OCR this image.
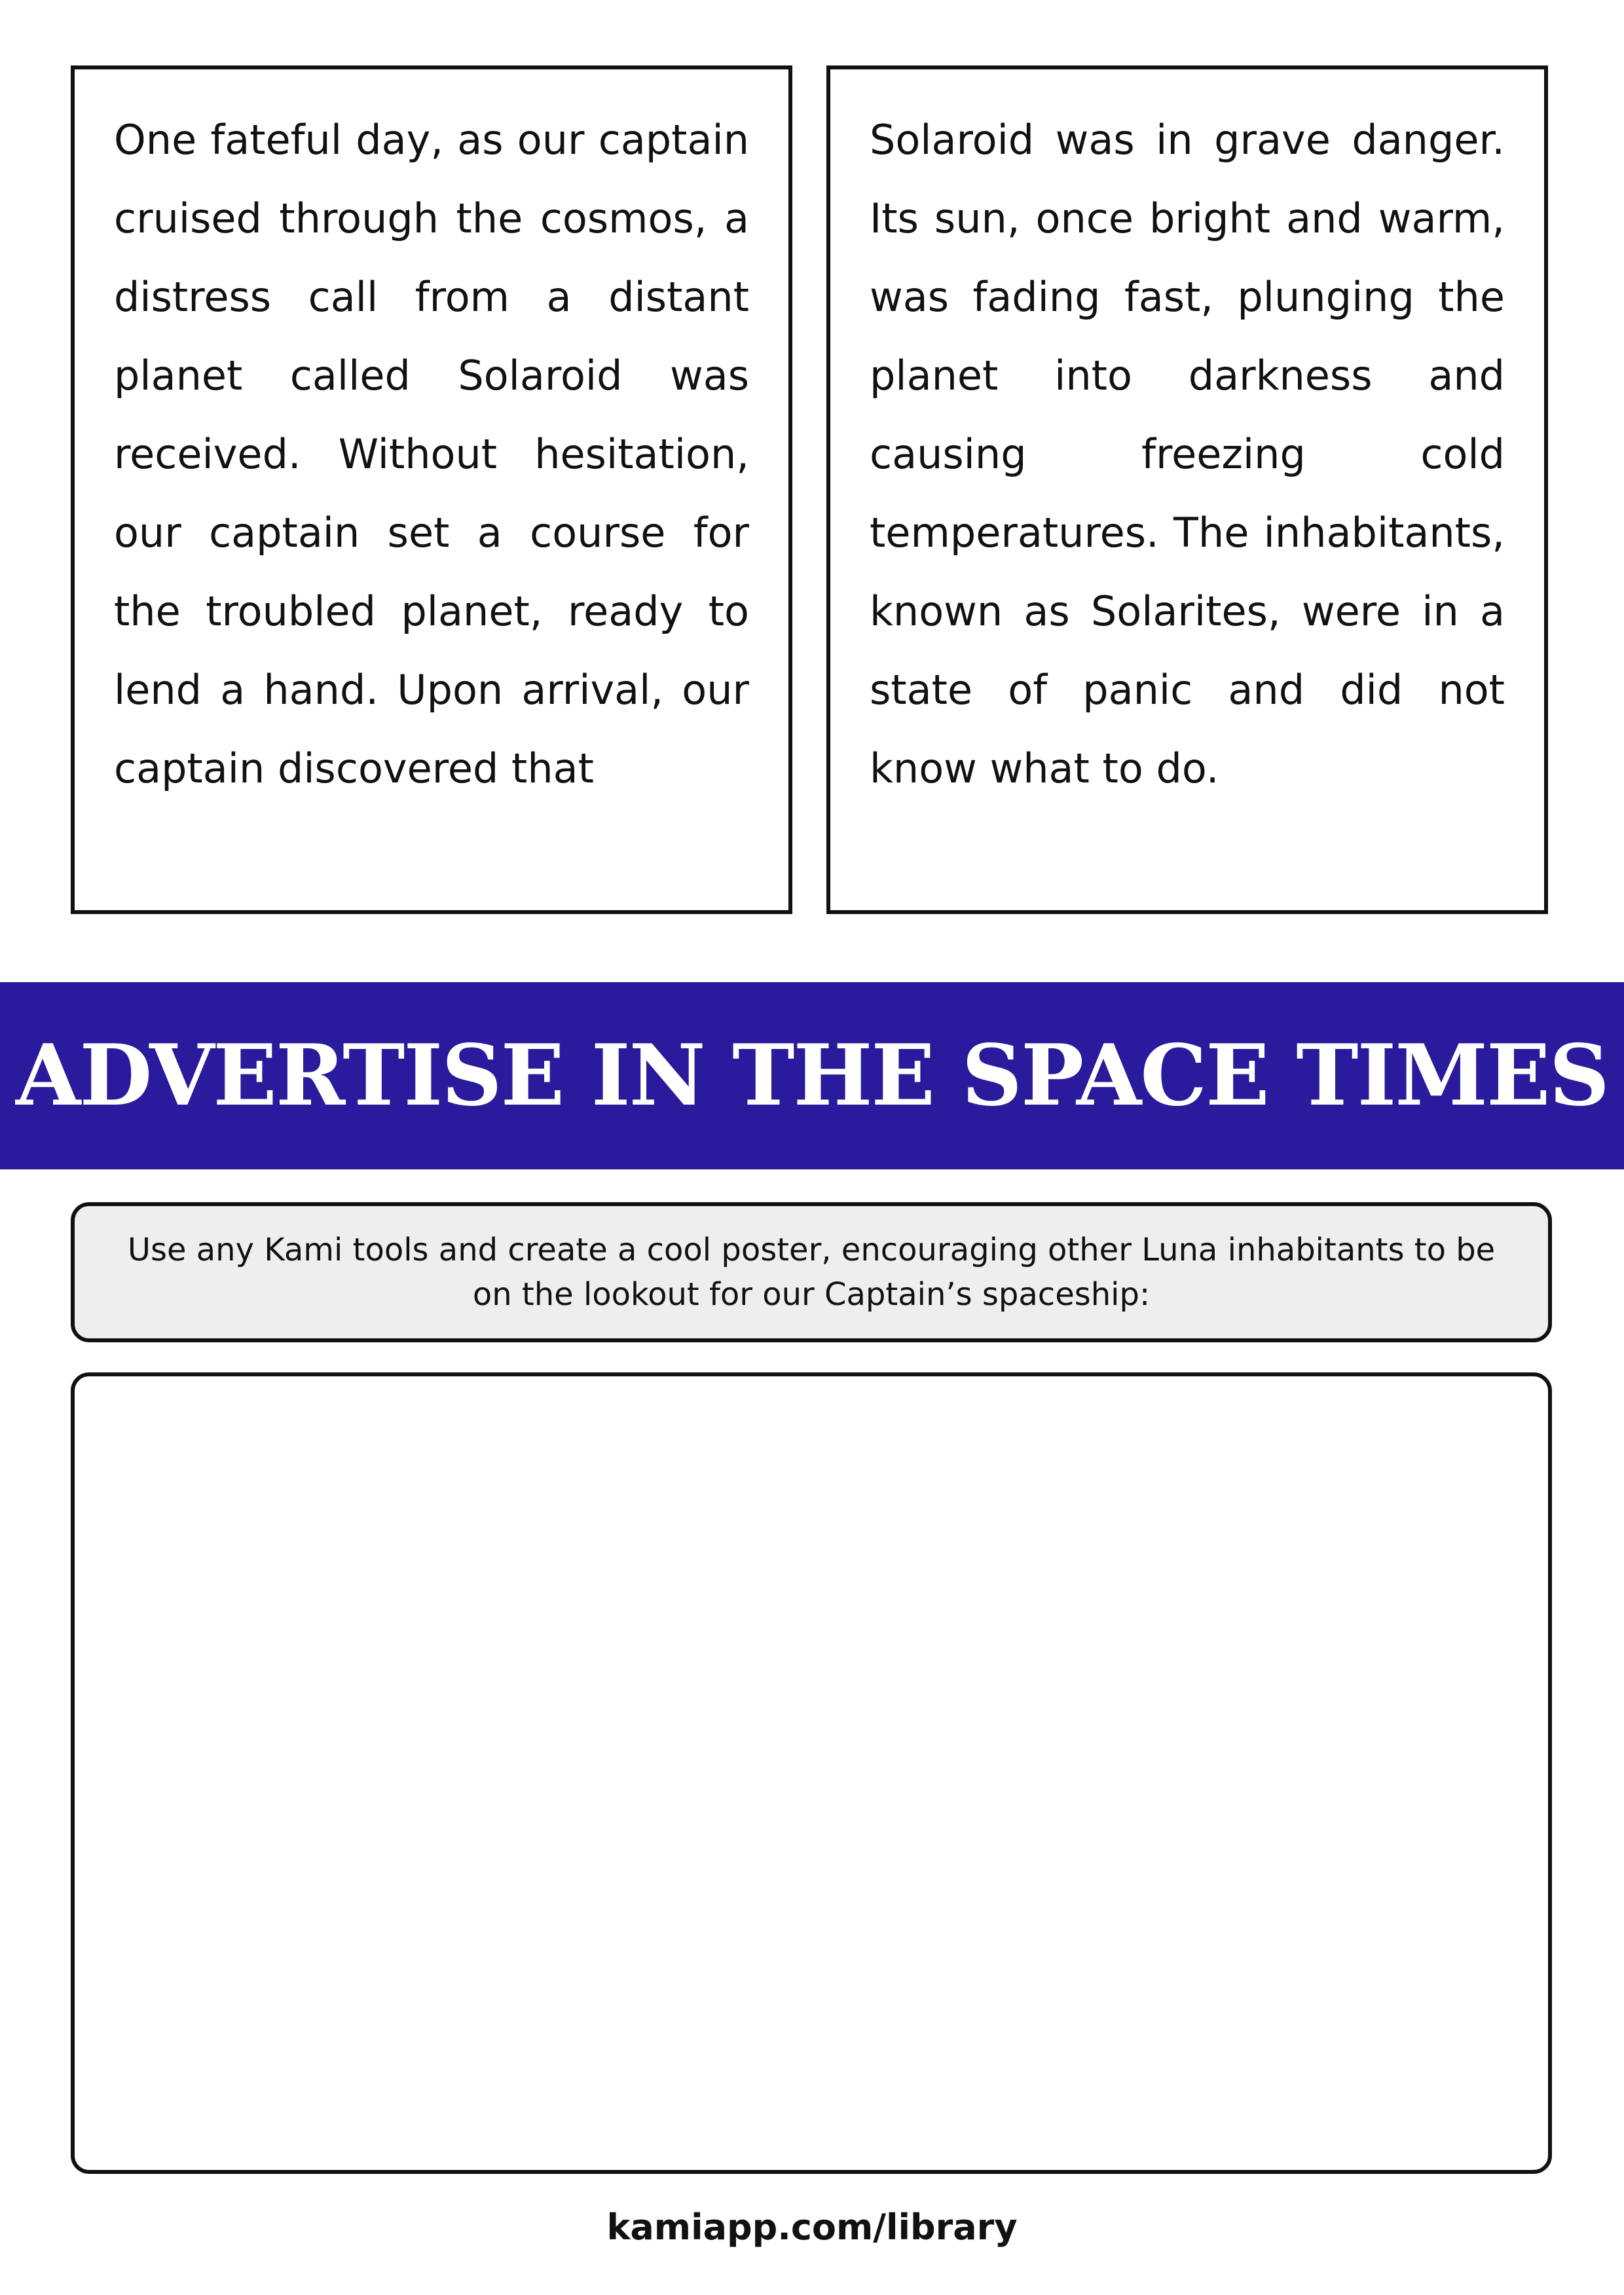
One fateful day, as our captain cruised through the cosmos, a distress call from a distant planet called Solaroid was received. Without hesitation, our captain set a course for the troubled planet, ready to lend a hand. Upon arrival, our captain discovered that

Solaroid was in grave danger. Its sun, once bright and warm, was fading fast, plunging the planet into darkness and causing freezing cold temperatures. The inhabitants, known as Solarites, were in a state of panic and did not know what to do.

ADVERTISE IN THE SPACE TIMES

Use any Kami tools and create a cool poster, encouraging other Luna inhabitants to be on the lookout for our Captain’s spaceship:

kamiapp.com/library
